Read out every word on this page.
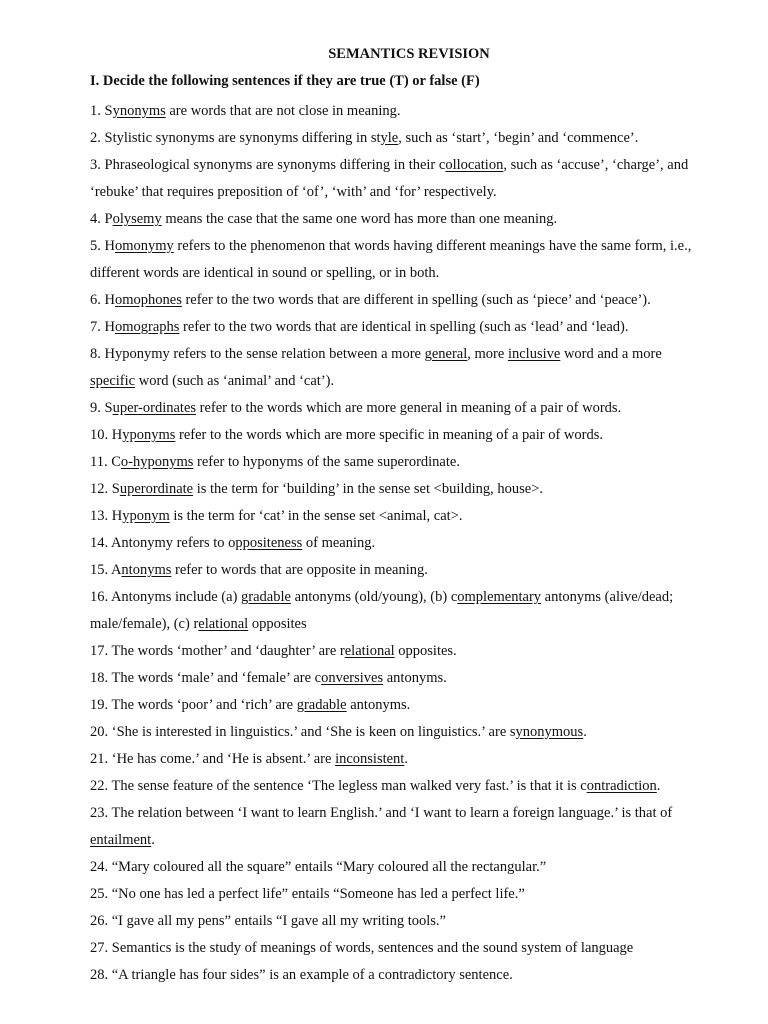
SEMANTICS REVISION
I. Decide the following sentences if they are true (T) or false (F)
1. Synonyms are words that are not close in meaning.
2. Stylistic synonyms are synonyms differing in style, such as ‘start’, ‘begin’ and ‘commence’.
3. Phraseological synonyms are synonyms differing in their collocation, such as ‘accuse’, ‘charge’, and ‘rebuke’ that requires preposition of ‘of’, ‘with’ and ‘for’ respectively.
4. Polysemy means the case that the same one word has more than one meaning.
5. Homonymy refers to the phenomenon that words having different meanings have the same form, i.e., different words are identical in sound or spelling, or in both.
6. Homophones refer to the two words that are different in spelling (such as ‘piece’ and ‘peace’).
7. Homographs refer to the two words that are identical in spelling (such as ‘lead’ and ‘lead).
8. Hyponymy refers to the sense relation between a more general, more inclusive word and a more specific word (such as ‘animal’ and ‘cat’).
9. Super-ordinates refer to the words which are more general in meaning of a pair of words.
10. Hyponyms refer to the words which are more specific in meaning of a pair of words.
11. Co-hyponyms refer to hyponyms of the same superordinate.
12. Superordinate is the term for ‘building’ in the sense set <building, house>.
13. Hyponym is the term for ‘cat’ in the sense set <animal, cat>.
14. Antonymy refers to oppositeness of meaning.
15. Antonyms refer to words that are opposite in meaning.
16. Antonyms include (a) gradable antonyms (old/young), (b) complementary antonyms (alive/dead; male/female), (c) relational opposites
17. The words ‘mother’ and ‘daughter’ are relational opposites.
18. The words ‘male’ and ‘female’ are conversives antonyms.
19. The words ‘poor’ and ‘rich’ are gradable antonyms.
20. ‘She is interested in linguistics.’ and ‘She is keen on linguistics.’ are synonymous.
21. ‘He has come.’ and ‘He is absent.’ are inconsistent.
22. The sense feature of the sentence ‘The legless man walked very fast.’ is that it is contradiction.
23. The relation between ‘I want to learn English.’ and ‘I want to learn a foreign language.’ is that of entailment.
24. “Mary coloured all the square” entails “Mary coloured all the rectangular.”
25. “No one has led a perfect life” entails “Someone has led a perfect life.”
26. “I gave all my pens” entails “I gave all my writing tools.”
27. Semantics is the study of meanings of words, sentences and the sound system of language
28. “A triangle has four sides” is an example of a contradictory sentence.
